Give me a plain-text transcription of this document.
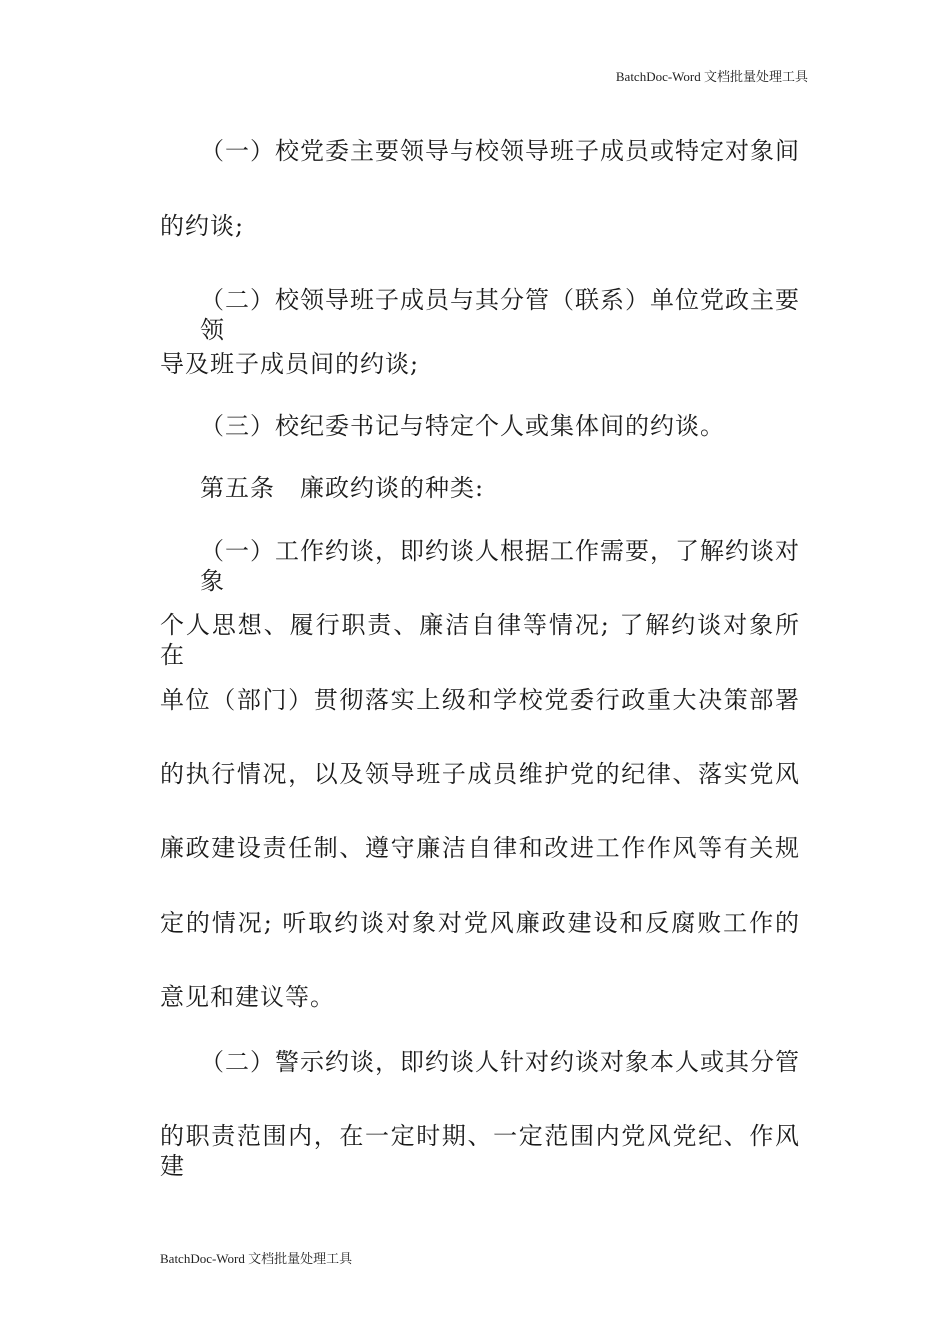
BatchDoc-Word 文档批量处理工具
（一）校党委主要领导与校领导班子成员或特定对象间
的约谈;
（二）校领导班子成员与其分管（联系）单位党政主要领
导及班子成员间的约谈;
（三）校纪委书记与特定个人或集体间的约谈。
第五条　廉政约谈的种类:
（一）工作约谈，即约谈人根据工作需要，了解约谈对象
个人思想、履行职责、廉洁自律等情况; 了解约谈对象所在
单位（部门）贯彻落实上级和学校党委行政重大决策部署
的执行情况，以及领导班子成员维护党的纪律、落实党风
廉政建设责任制、遵守廉洁自律和改进工作作风等有关规
定的情况; 听取约谈对象对党风廉政建设和反腐败工作的
意见和建议等。
（二）警示约谈，即约谈人针对约谈对象本人或其分管
的职责范围内，在一定时期、一定范围内党风党纪、作风建
BatchDoc-Word 文档批量处理工具
